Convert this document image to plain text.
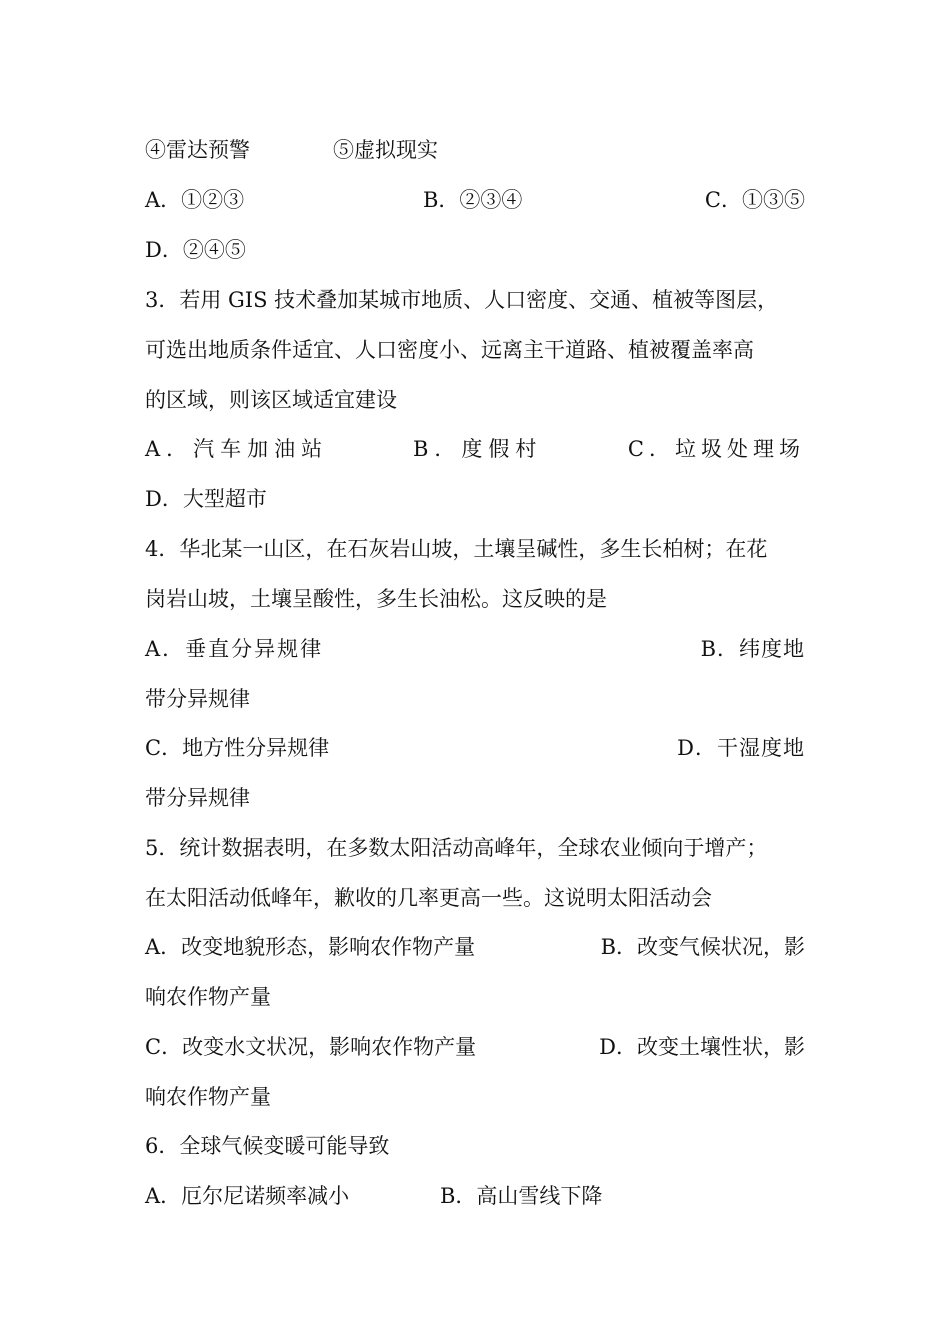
④雷达预警	⑤虚拟现实
A．①②③	B．②③④	C．①③⑤
D．②④⑤
3．若用 GIS 技术叠加某城市地质、人口密度、交通、植被等图层，
可选出地质条件适宜、人口密度小、远离主干道路、植被覆盖率高
的区域，则该区域适宜建设
A．汽车加油站	B．度假村	C．垃圾处理场
D．大型超市
4．华北某一山区，在石灰岩山坡，土壤呈碱性，多生长柏树；在花
岗岩山坡，土壤呈酸性，多生长油松。这反映的是
A．垂直分异规律	B．纬度地
带分异规律
C．地方性分异规律	D．干湿度地
带分异规律
5．统计数据表明，在多数太阳活动高峰年，全球农业倾向于增产；
在太阳活动低峰年，歉收的几率更高一些。这说明太阳活动会
A．改变地貌形态，影响农作物产量	B．改变气候状况，影
响农作物产量
C．改变水文状况，影响农作物产量	D．改变土壤性状，影
响农作物产量
6．全球气候变暖可能导致
A．厄尔尼诺频率减小	B．高山雪线下降
